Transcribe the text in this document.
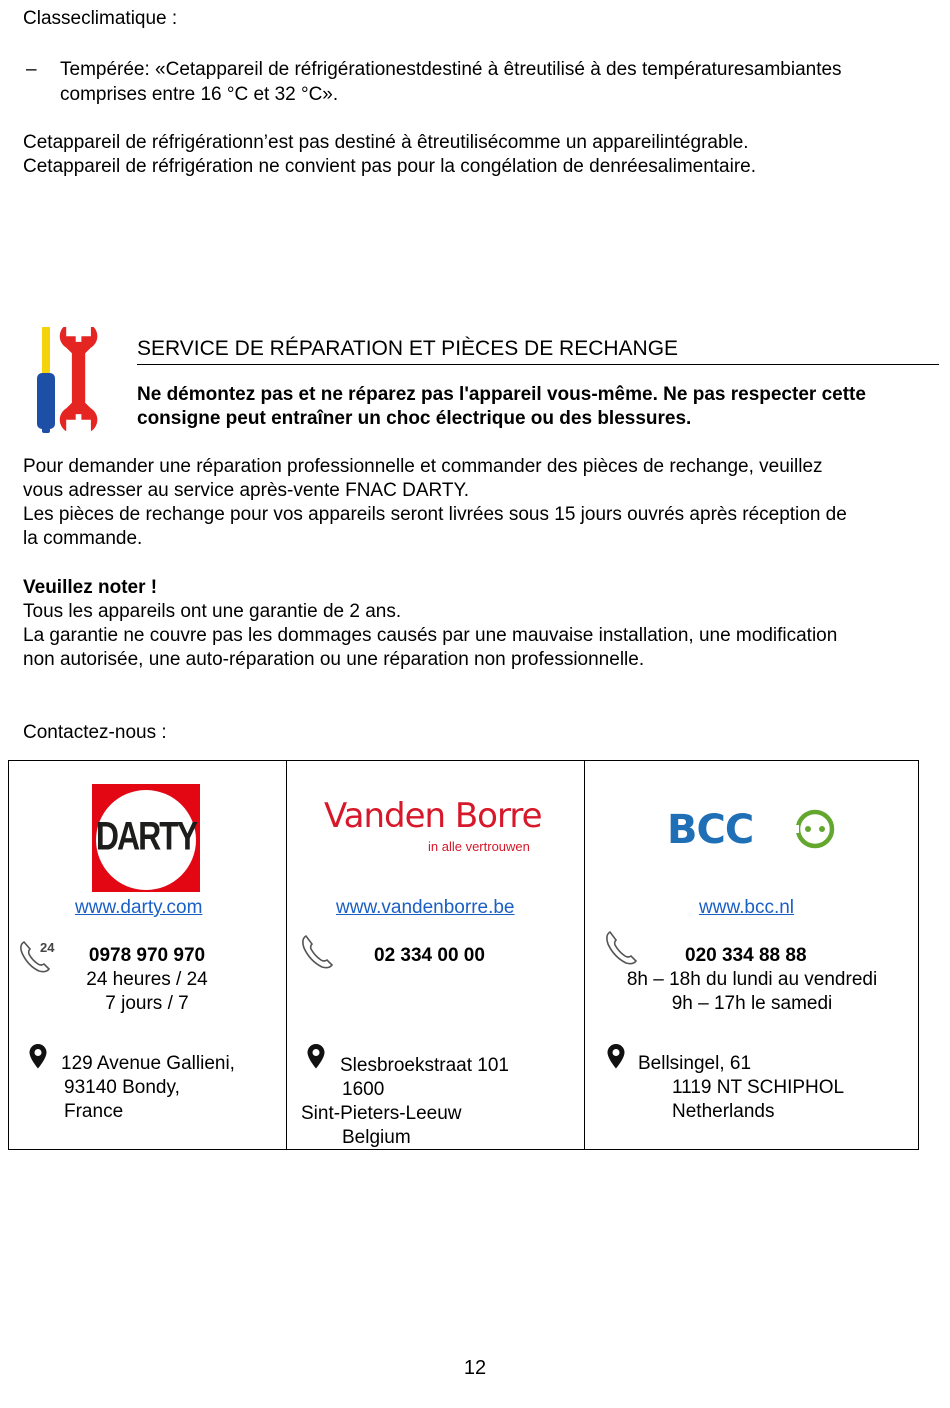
Classeclimatique :
– Tempérée: «Cetappareil de réfrigérationestdestiné à êtreutilisé à des températuresambiantes
comprises entre 16 °C et 32 °C».
Cetappareil de réfrigérationn’est pas destiné à êtreutilisécomme un appareilintégrable.
Cetappareil de réfrigération ne convient pas pour la congélation de denréesalimentaire.
SERVICE DE RÉPARATION ET PIÈCES DE RECHANGE
Ne démontez pas et ne réparez pas l'appareil vous-même. Ne pas respecter cette
consigne peut entraîner un choc électrique ou des blessures.
Pour demander une réparation professionnelle et commander des pièces de rechange, veuillez
vous adresser au service après-vente FNAC DARTY.
Les pièces de rechange pour vos appareils seront livrées sous 15 jours ouvrés après réception de
la commande.
Veuillez noter !
Tous les appareils ont une garantie de 2 ans.
La garantie ne couvre pas les dommages causés par une mauvaise installation, une modification
non autorisée, une auto-réparation ou une réparation non professionnelle.
Contactez-nous :
DARTY
www.darty.com
24	0978 970 970
24 heures / 24
7 jours / 7
129 Avenue Gallieni,
93140 Bondy,
France
Vanden Borre
in alle vertrouwen
www.vandenborre.be
02 334 00 00
Slesbroekstraat 101
1600
Sint-Pieters-Leeuw
Belgium
BCC
www.bcc.nl
020 334 88 88
8h – 18h du lundi au vendredi
9h – 17h le samedi
Bellsingel, 61
1119 NT SCHIPHOL
Netherlands
12
